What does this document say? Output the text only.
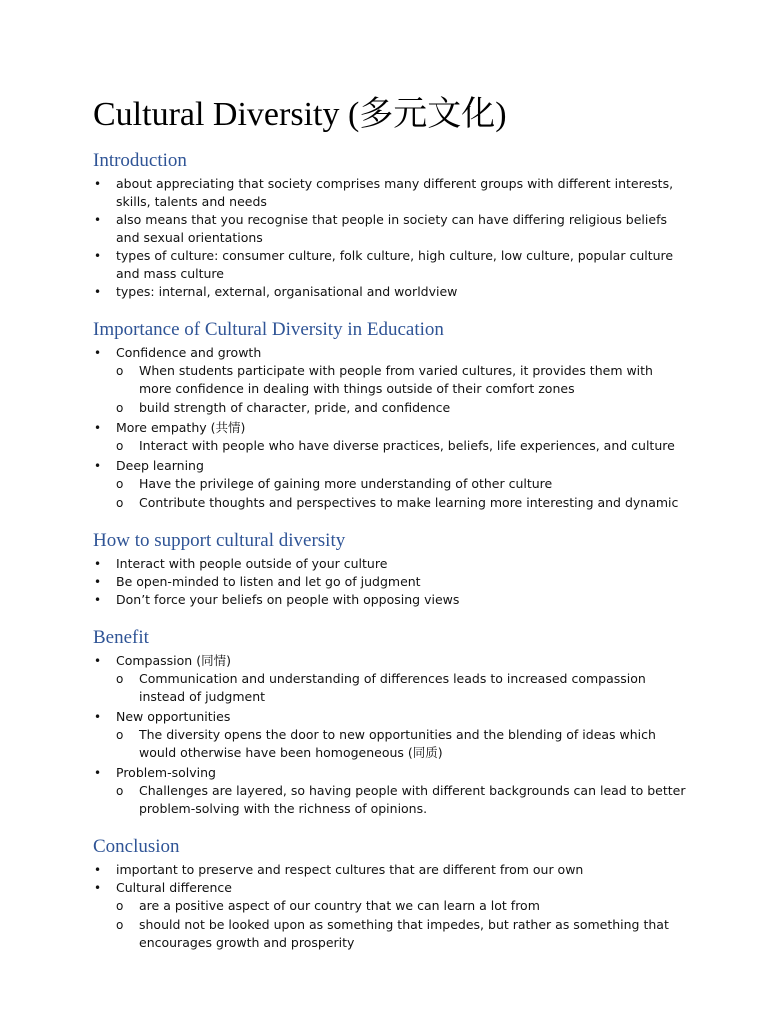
Cultural Diversity (多元文化)
Introduction
• about appreciating that society comprises many different groups with different interests, skills, talents and needs
• also means that you recognise that people in society can have differing religious beliefs and sexual orientations
• types of culture: consumer culture, folk culture, high culture, low culture, popular culture and mass culture
• types: internal, external, organisational and worldview
Importance of Cultural Diversity in Education
• Confidence and growth
o When students participate with people from varied cultures, it provides them with more confidence in dealing with things outside of their comfort zones
o build strength of character, pride, and confidence
• More empathy (共情)
o Interact with people who have diverse practices, beliefs, life experiences, and culture
• Deep learning
o Have the privilege of gaining more understanding of other culture
o Contribute thoughts and perspectives to make learning more interesting and dynamic
How to support cultural diversity
• Interact with people outside of your culture
• Be open-minded to listen and let go of judgment
• Don’t force your beliefs on people with opposing views
Benefit
• Compassion (同情)
o Communication and understanding of differences leads to increased compassion instead of judgment
• New opportunities
o The diversity opens the door to new opportunities and the blending of ideas which would otherwise have been homogeneous (同质)
• Problem-solving
o Challenges are layered, so having people with different backgrounds can lead to better problem-solving with the richness of opinions.
Conclusion
• important to preserve and respect cultures that are different from our own
• Cultural difference
o are a positive aspect of our country that we can learn a lot from
o should not be looked upon as something that impedes, but rather as something that encourages growth and prosperity
